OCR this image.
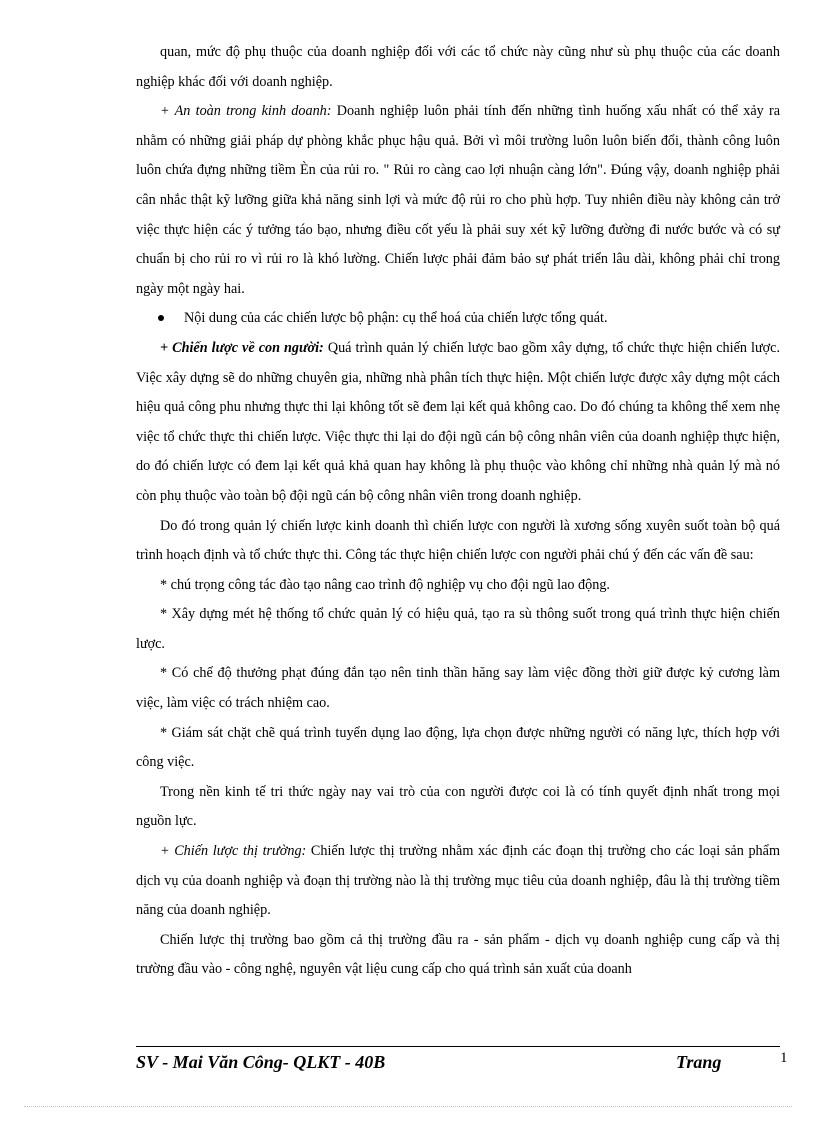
quan, mức độ phụ thuộc của doanh nghiệp đối với các tổ chức này cũng như sù phụ thuộc của các doanh nghiệp khác đối với doanh nghiệp.

+ An toàn trong kinh doanh: Doanh nghiệp luôn phải tính đến những tình huống xấu nhất có thể xảy ra nhằm có những giải pháp dự phòng khắc phục hậu quả. Bởi vì môi trường luôn luôn biến đổi, thành công luôn luôn chứa đựng những tiềm Èn của rủi ro. " Rủi ro càng cao lợi nhuận càng lớn". Đúng vậy, doanh nghiệp phải cân nhắc thật kỹ lưỡng giữa khả năng sinh lợi và mức độ rủi ro cho phù hợp. Tuy nhiên điều này không cản trở việc thực hiện các ý tưởng táo bạo, nhưng điều cốt yếu là phải suy xét kỹ lưỡng đường đi nước bước và có sự chuẩn bị cho rủi ro vì rủi ro là khó lường. Chiến lược phải đảm bảo sự phát triển lâu dài, không phải chỉ trong ngày một ngày hai.

Nội dung của các chiến lược bộ phận: cụ thể hoá của chiến lược tổng quát.

+ Chiến lược về con người: Quá trình quản lý chiến lược bao gồm xây dựng, tổ chức thực hiện chiến lược. Việc xây dựng sẽ do những chuyên gia, những nhà phân tích thực hiện. Một chiến lược được xây dựng một cách hiệu quả công phu nhưng thực thi lại không tốt sẽ đem lại kết quả không cao. Do đó chúng ta không thể xem nhẹ việc tổ chức thực thi chiến lược. Việc thực thi lại do đội ngũ cán bộ công nhân viên của doanh nghiệp thực hiện, do đó chiến lược có đem lại kết quả khả quan hay không là phụ thuộc vào không chỉ những nhà quản lý mà nó còn phụ thuộc vào toàn bộ đội ngũ cán bộ công nhân viên trong doanh nghiệp.

Do đó trong quản lý chiến lược kinh doanh thì chiến lược con người là xương sống xuyên suốt toàn bộ quá trình hoạch định và tổ chức thực thi. Công tác thực hiện chiến lược con người phải chú ý đến các vấn đề sau:

* chú trọng công tác đào tạo nâng cao trình độ nghiệp vụ cho đội ngũ lao động.

* Xây dựng mét hệ thống tổ chức quản lý có hiệu quả, tạo ra sù thông suốt trong quá trình thực hiện chiến lược.

* Có chế độ thưởng phạt đúng đắn tạo nên tinh thần hăng say làm việc đồng thời giữ được kỷ cương làm việc, làm việc có trách nhiệm cao.

* Giám sát chặt chẽ quá trình tuyển dụng lao động, lựa chọn được những người có năng lực, thích hợp với công việc.

Trong nền kinh tế tri thức ngày nay vai trò của con người được coi là có tính quyết định nhất trong mọi nguồn lực.

+ Chiến lược thị trường: Chiến lược thị trường nhằm xác định các đoạn thị trường cho các loại sản phẩm dịch vụ của doanh nghiệp và đoạn thị trường nào là thị trường mục tiêu của doanh nghiệp, đâu là thị trường tiềm năng của doanh nghiệp.

Chiến lược thị trường bao gồm cả thị trường đầu ra - sản phẩm - dịch vụ doanh nghiệp cung cấp và thị trường đầu vào - công nghệ, nguyên vật liệu cung cấp cho quá trình sản xuất của doanh

SV - Mai Văn Công- QLKT - 40B	Trang	1
